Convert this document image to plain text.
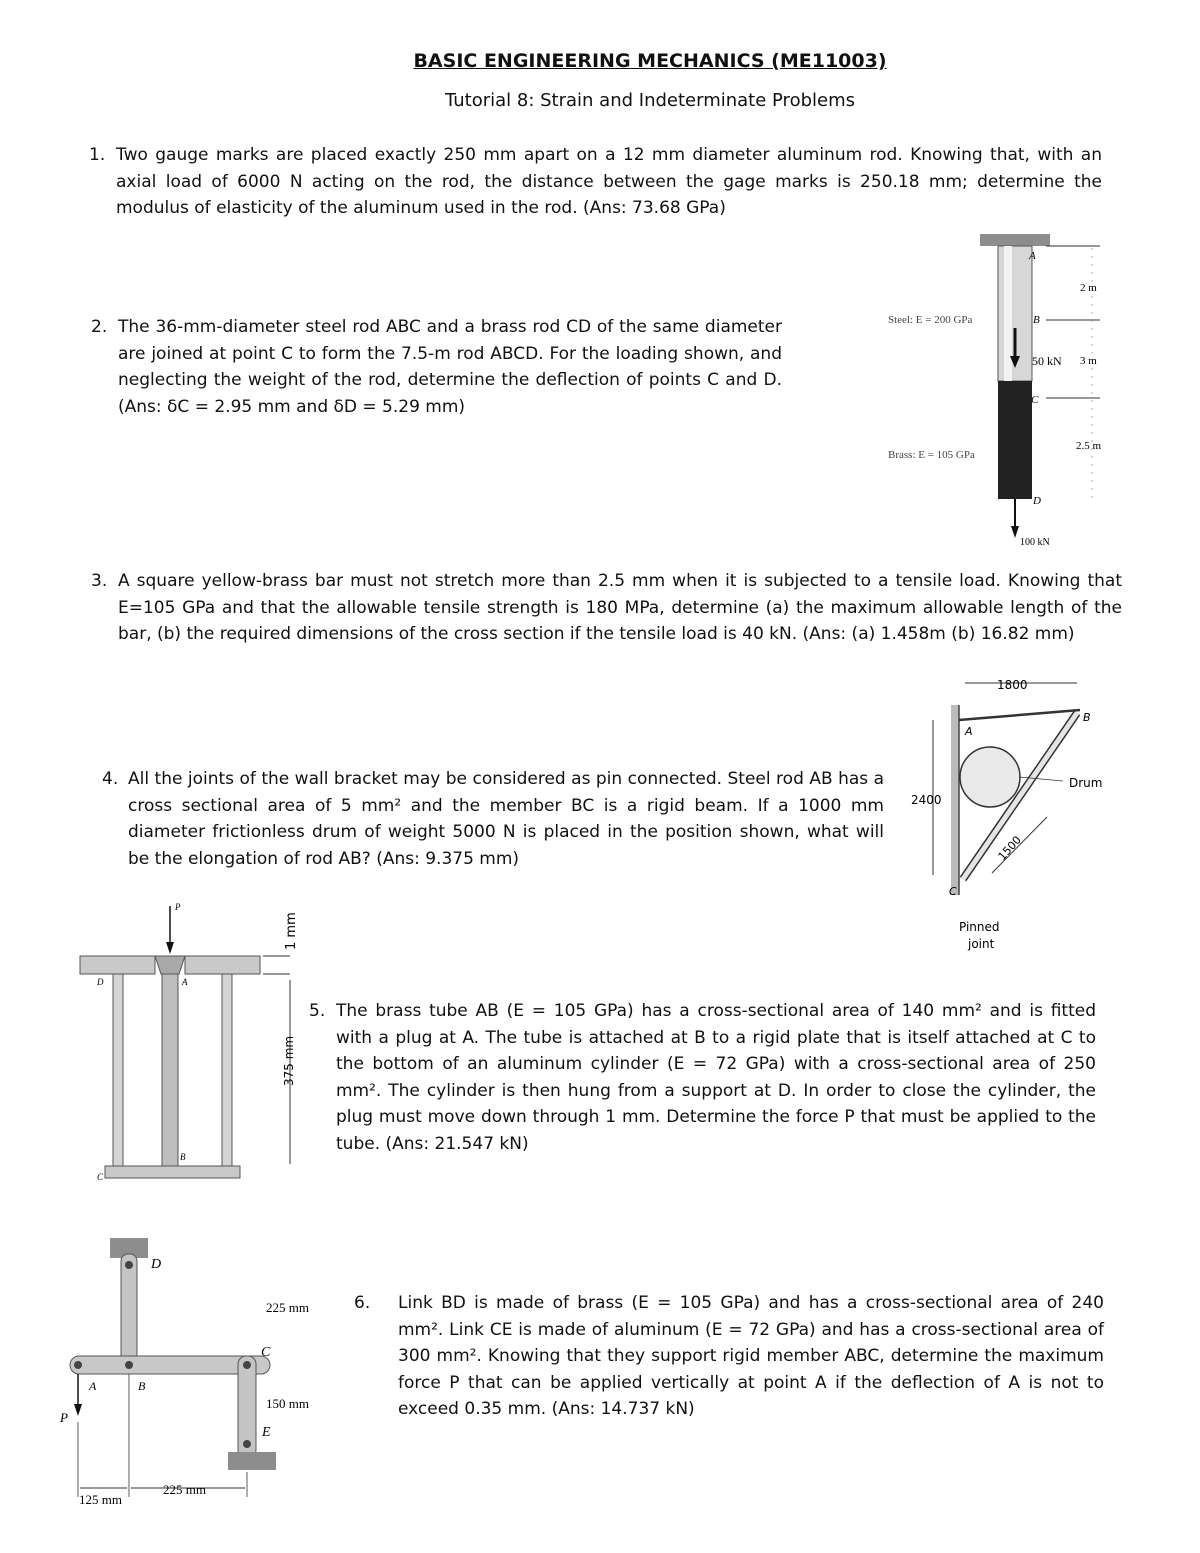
BASIC ENGINEERING MECHANICS (ME11003)
Tutorial 8: Strain and Indeterminate Problems

1. Two gauge marks are placed exactly 250 mm apart on a 12 mm diameter aluminum rod. Knowing that, with an axial load of 6000 N acting on the rod, the distance between the gage marks is 250.18 mm; determine the modulus of elasticity of the aluminum used in the rod. (Ans: 73.68 GPa)

2. The 36-mm-diameter steel rod ABC and a brass rod CD of the same diameter are joined at point C to form the 7.5-m rod ABCD. For the loading shown, and neglecting the weight of the rod, determine the deflection of points C and D. (Ans: δC = 2.95 mm and δD = 5.29 mm)

3. A square yellow-brass bar must not stretch more than 2.5 mm when it is subjected to a tensile load. Knowing that E=105 GPa and that the allowable tensile strength is 180 MPa, determine (a) the maximum allowable length of the bar, (b) the required dimensions of the cross section if the tensile load is 40 kN. (Ans: (a) 1.458m (b) 16.82 mm)

4. All the joints of the wall bracket may be considered as pin connected. Steel rod AB has a cross sectional area of 5 mm² and the member BC is a rigid beam. If a 1000 mm diameter frictionless drum of weight 5000 N is placed in the position shown, what will be the elongation of rod AB? (Ans: 9.375 mm)

5. The brass tube AB (E = 105 GPa) has a cross-sectional area of 140 mm² and is fitted with a plug at A. The tube is attached at B to a rigid plate that is itself attached at C to the bottom of an aluminum cylinder (E = 72 GPa) with a cross-sectional area of 250 mm². The cylinder is then hung from a support at D. In order to close the cylinder, the plug must move down through 1 mm. Determine the force P that must be applied to the tube. (Ans: 21.547 kN)

6. Link BD is made of brass (E = 105 GPa) and has a cross-sectional area of 240 mm². Link CE is made of aluminum (E = 72 GPa) and has a cross-sectional area of 300 mm². Knowing that they support rigid member ABC, determine the maximum force P that can be applied vertically at point A if the deflection of A is not to exceed 0.35 mm. (Ans: 14.737 kN)

A
B
C
D
Steel: E = 200 GPa
Brass: E = 105 GPa
50 kN
100 kN
2 m
3 m
2.5 m
1800
2400
1500
A
B
C
Drum
Pinned
joint
P
A
B
C
D
1 mm
375 mm
D
A	B
C
E
P
225 mm
150 mm
125 mm
225 mm
